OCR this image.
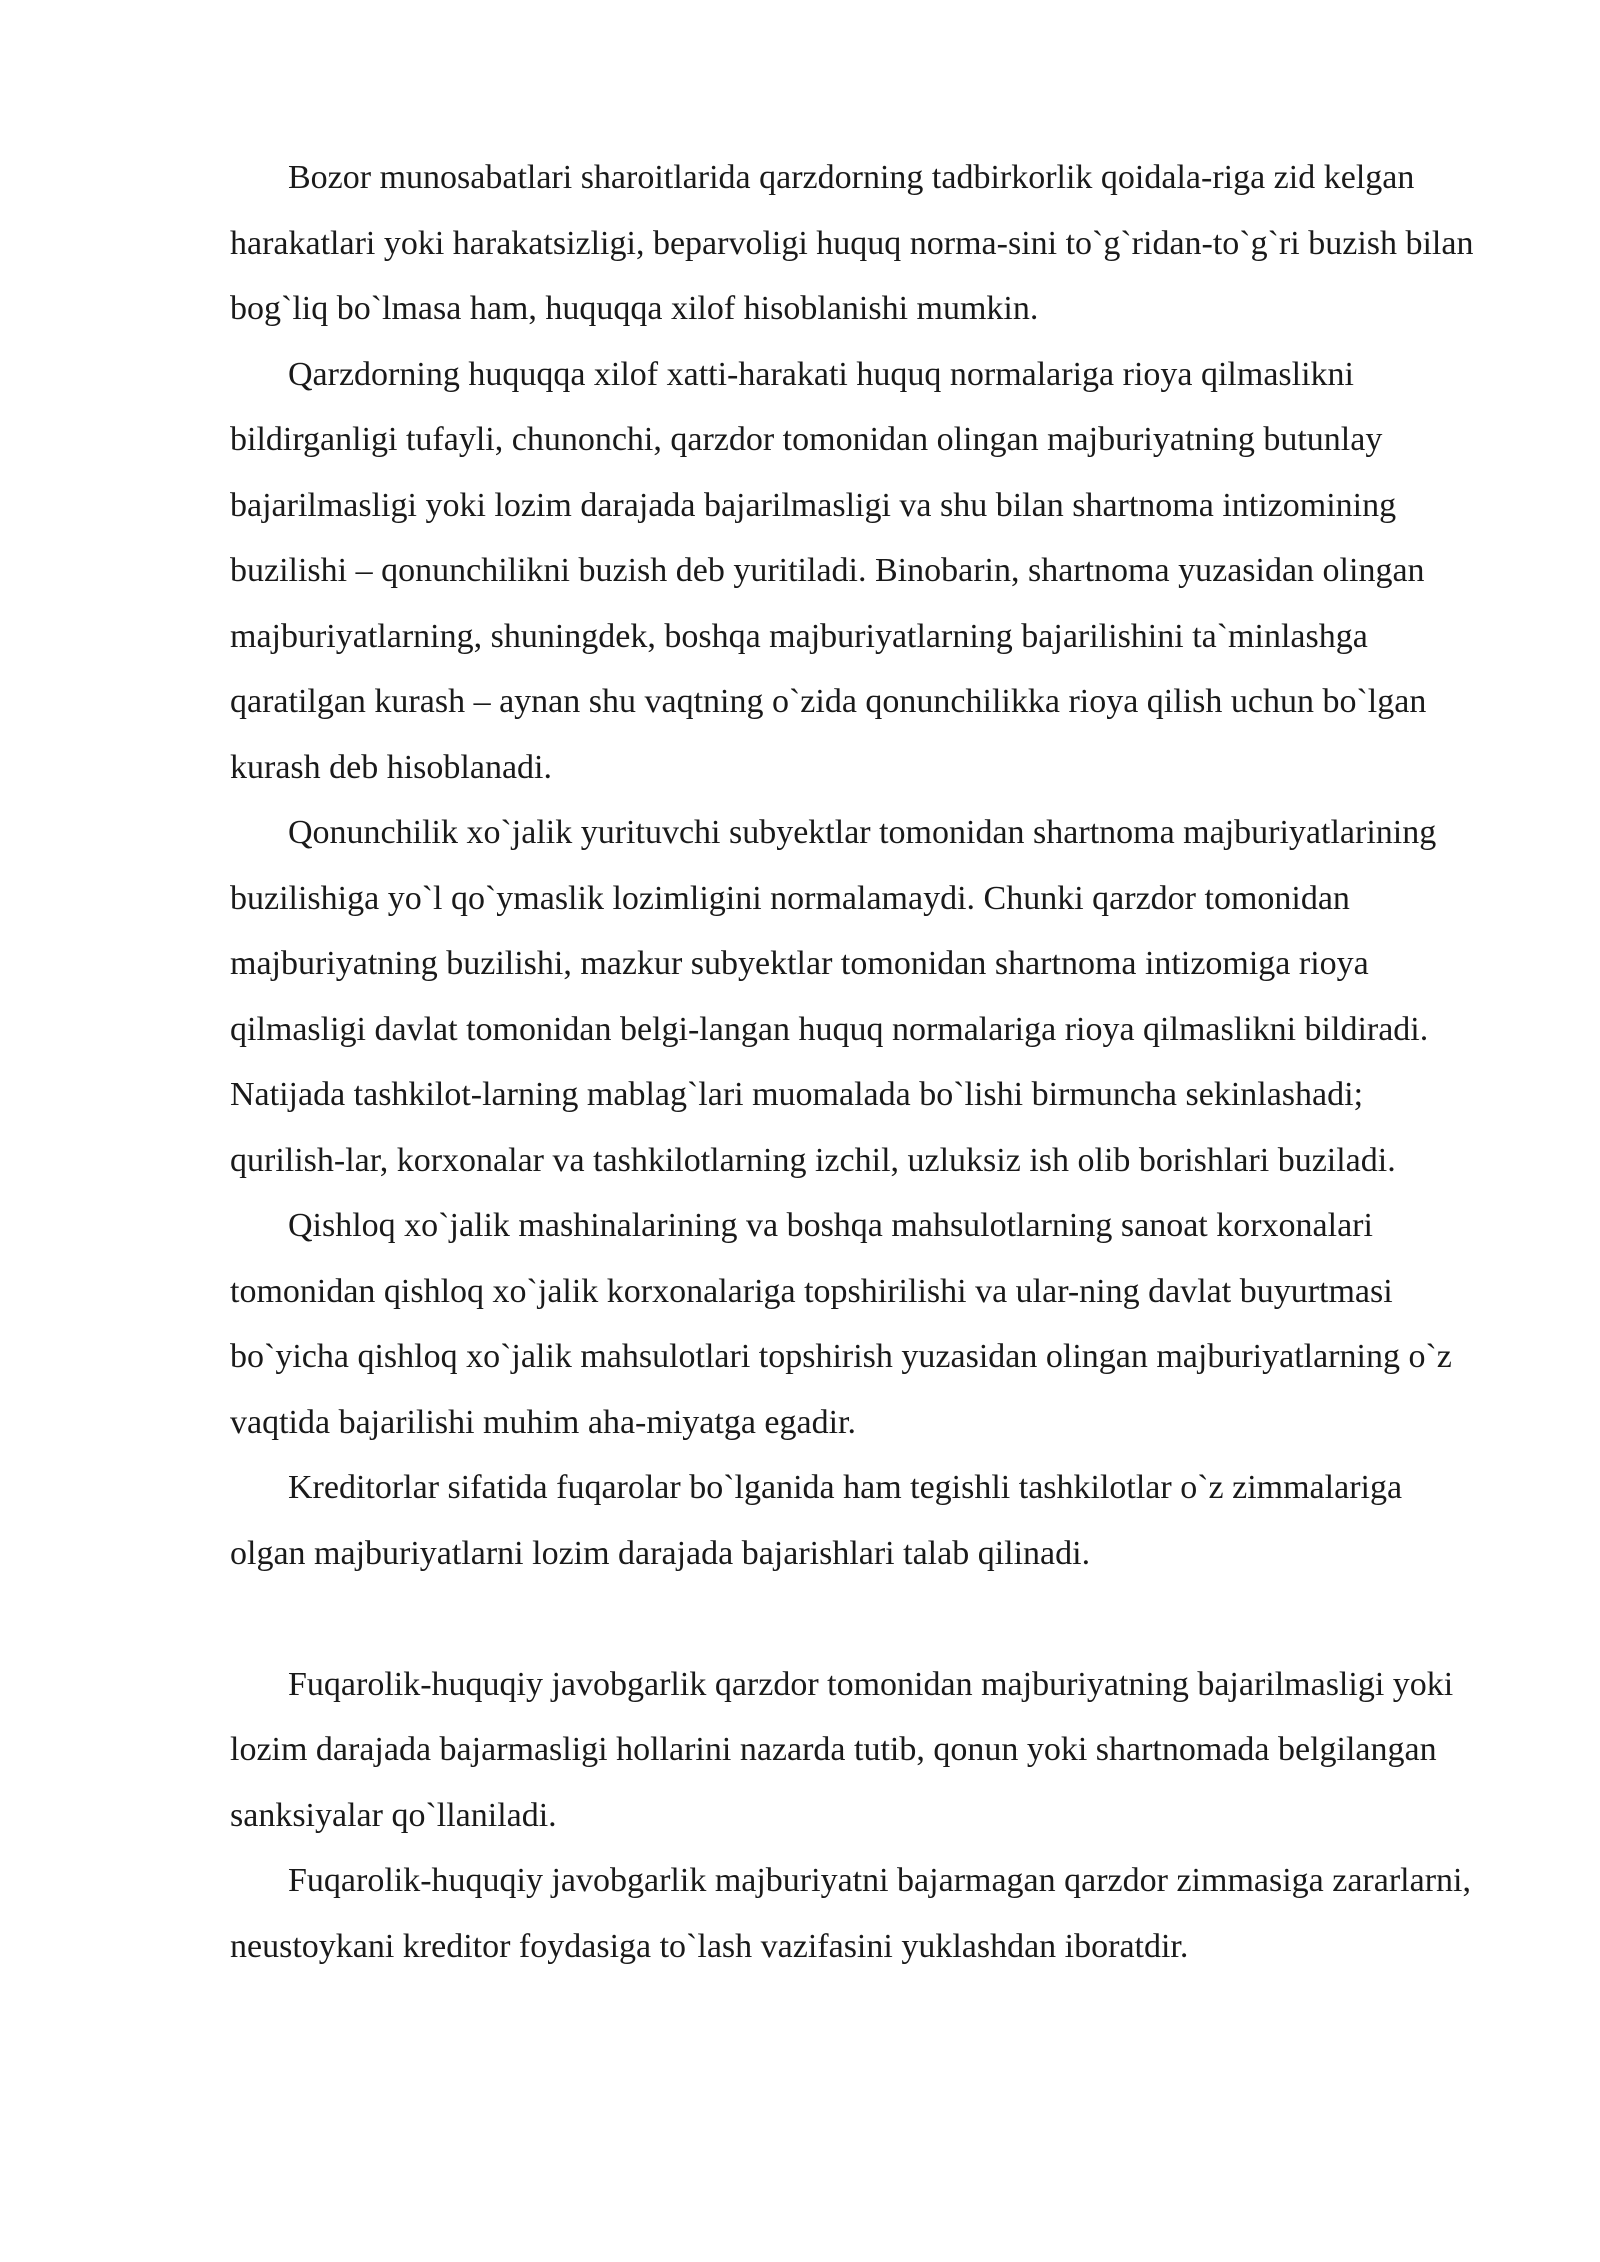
Bozor munosabatlari sharoitlarida qarzdorning tadbirkorlik qoidala-riga zid kelgan harakatlari yoki harakatsizligi, beparvoligi huquq norma-sini to`g`ridan-to`g`ri buzish bilan bog`liq bo`lmasa ham, huquqqa xilof hisoblanishi mumkin.

Qarzdorning huquqqa xilof xatti-harakati huquq normalariga rioya qilmaslikni bildirganligi tufayli, chunonchi, qarzdor tomonidan olingan majburiyatning butunlay bajarilmasligi yoki lozim darajada bajarilmasligi va shu bilan shartnoma intizomining buzilishi – qonunchilikni buzish deb yuritiladi. Binobarin, shartnoma yuzasidan olingan majburiyatlarning, shuningdek, boshqa majburiyatlarning bajarilishini ta`minlashga qaratilgan kurash – aynan shu vaqtning o`zida qonunchilikka rioya qilish uchun bo`lgan kurash deb hisoblanadi.

Qonunchilik xo`jalik yurituvchi subyektlar tomonidan shartnoma majburiyatlarining buzilishiga yo`l qo`ymaslik lozimligini normalamaydi. Chunki qarzdor tomonidan majburiyatning buzilishi, mazkur subyektlar tomonidan shartnoma intizomiga rioya qilmasligi davlat tomonidan belgi-langan huquq normalariga rioya qilmaslikni bildiradi. Natijada tashkilot-larning mablag`lari muomalada bo`lishi birmuncha sekinlashadi; qurilish-lar, korxonalar va tashkilotlarning izchil, uzluksiz ish olib borishlari buziladi.

Qishloq xo`jalik mashinalarining va boshqa mahsulotlarning sanoat korxonalari tomonidan qishloq xo`jalik korxonalariga topshirilishi va ular-ning davlat buyurtmasi bo`yicha qishloq xo`jalik mahsulotlari topshirish yuzasidan olingan majburiyatlarning o`z vaqtida bajarilishi muhim aha-miyatga egadir.

Kreditorlar sifatida fuqarolar bo`lganida ham tegishli tashkilotlar o`z zimmalariga olgan majburiyatlarni lozim darajada bajarishlari talab qilinadi.

Fuqarolik-huquqiy javobgarlik qarzdor tomonidan majburiyatning bajarilmasligi yoki lozim darajada bajarmasligi hollarini nazarda tutib, qonun yoki shartnomada belgilangan sanksiyalar qo`llaniladi.

Fuqarolik-huquqiy javobgarlik majburiyatni bajarmagan qarzdor zimmasiga zararlarni, neustoykani kreditor foydasiga to`lash vazifasini yuklashdan iboratdir.
